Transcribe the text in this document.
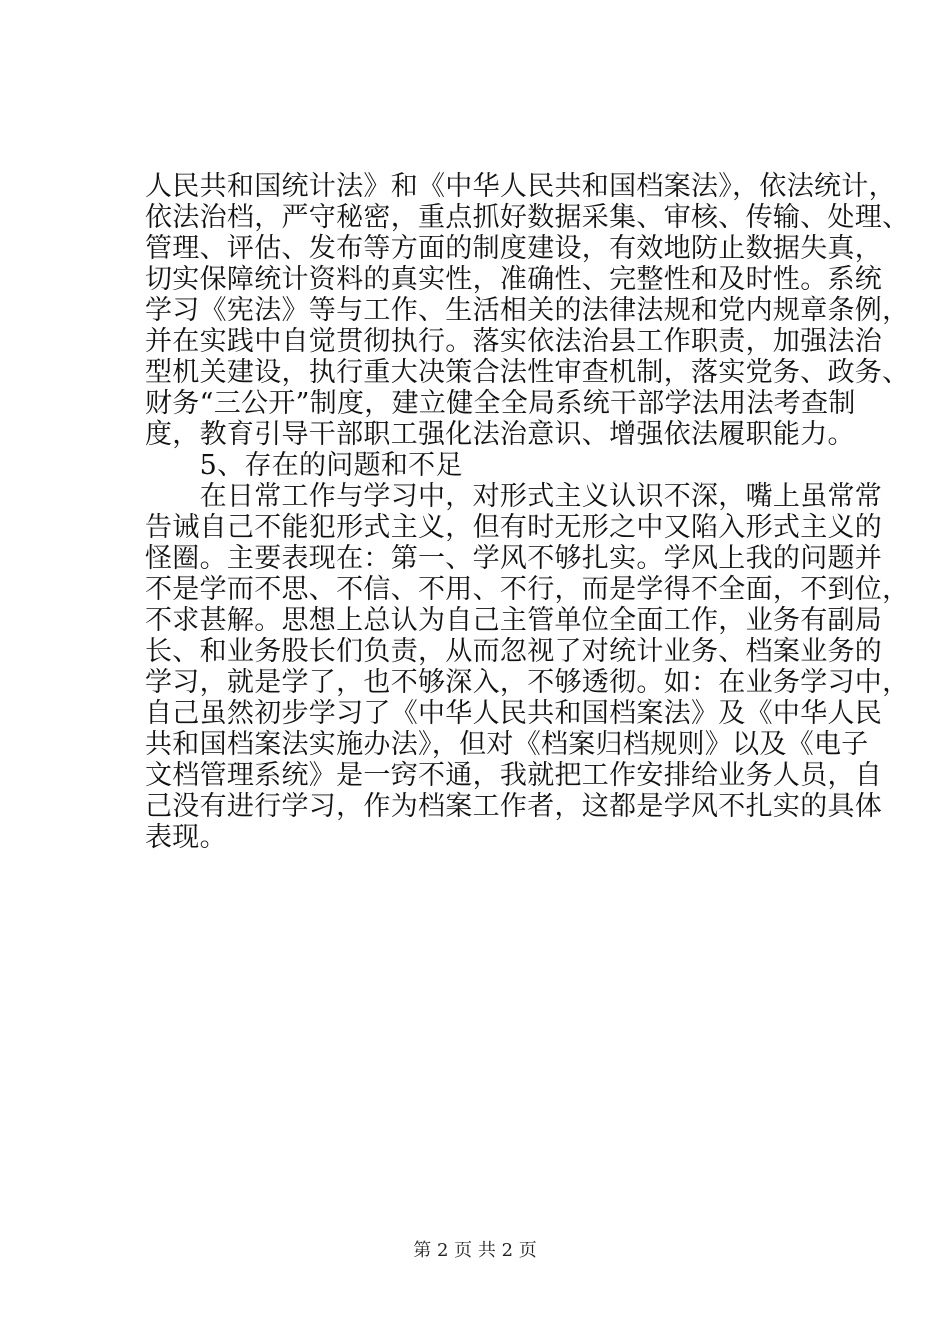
人民共和国统计法》和《中华人民共和国档案法》，依法统计，
依法治档，严守秘密，重点抓好数据采集、审核、传输、处理、
管理、评估、发布等方面的制度建设，有效地防止数据失真，
切实保障统计资料的真实性，准确性、完整性和及时性。系统
学习《宪法》等与工作、生活相关的法律法规和党内规章条例，
并在实践中自觉贯彻执行。落实依法治县工作职责，加强法治
型机关建设，执行重大决策合法性审查机制，落实党务、政务、
财务“三公开”制度，建立健全全局系统干部学法用法考查制
度，教育引导干部职工强化法治意识、增强依法履职能力。
　　5、存在的问题和不足
　　在日常工作与学习中，对形式主义认识不深，嘴上虽常常
告诫自己不能犯形式主义，但有时无形之中又陷入形式主义的
怪圈。主要表现在：第一、学风不够扎实。学风上我的问题并
不是学而不思、不信、不用、不行，而是学得不全面，不到位，
不求甚解。思想上总认为自己主管单位全面工作，业务有副局
长、和业务股长们负责，从而忽视了对统计业务、档案业务的
学习，就是学了，也不够深入，不够透彻。如：在业务学习中，
自己虽然初步学习了《中华人民共和国档案法》及《中华人民
共和国档案法实施办法》，但对《档案归档规则》以及《电子
文档管理系统》是一窍不通，我就把工作安排给业务人员，自
己没有进行学习，作为档案工作者，这都是学风不扎实的具体
表现。
第 2 页 共 2 页
